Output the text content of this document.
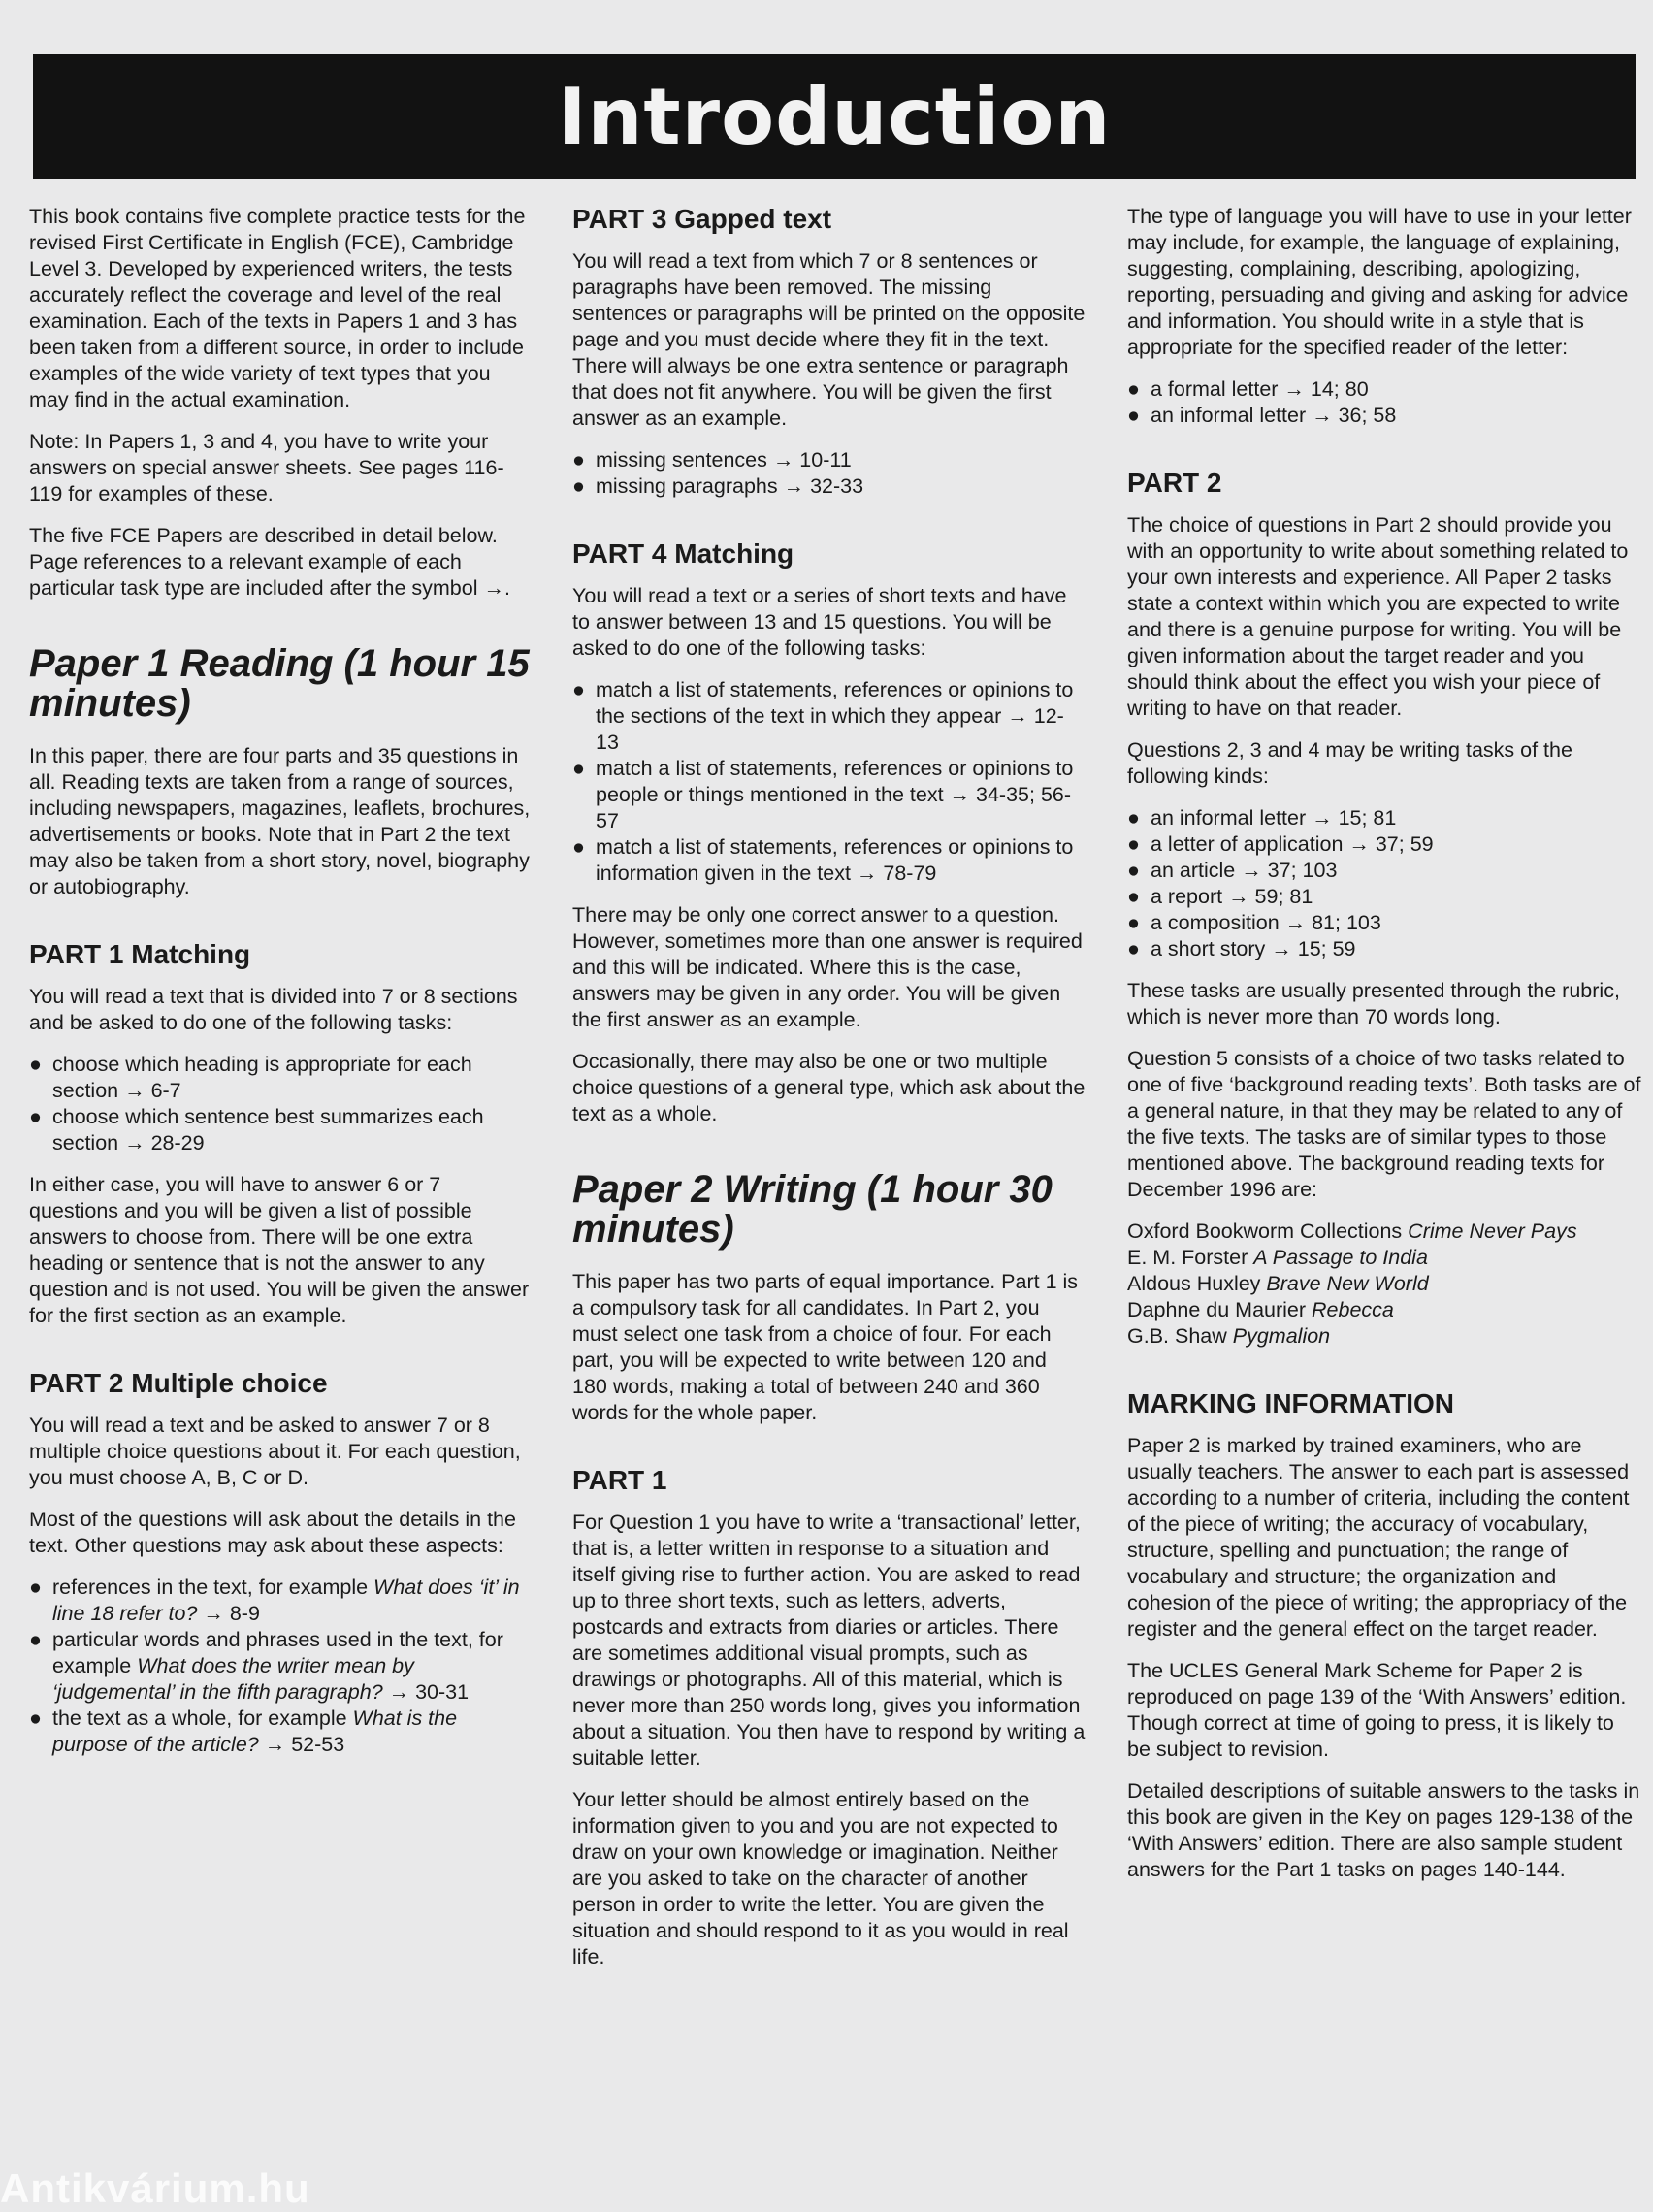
Introduction

This book contains five complete practice tests for the revised First Certificate in English (FCE), Cambridge Level 3. Developed by experienced writers, the tests accurately reflect the coverage and level of the real examination. Each of the texts in Papers 1 and 3 has been taken from a different source, in order to include examples of the wide variety of text types that you may find in the actual examination.

Note: In Papers 1, 3 and 4, you have to write your answers on special answer sheets. See pages 116-119 for examples of these.

The five FCE Papers are described in detail below. Page references to a relevant example of each particular task type are included after the symbol →.

Paper 1 Reading (1 hour 15 minutes)

In this paper, there are four parts and 35 questions in all. Reading texts are taken from a range of sources, including newspapers, magazines, leaflets, brochures, advertisements or books. Note that in Part 2 the text may also be taken from a short story, novel, biography or autobiography.

PART 1 Matching

You will read a text that is divided into 7 or 8 sections and be asked to do one of the following tasks:

● choose which heading is appropriate for each section → 6-7
● choose which sentence best summarizes each section → 28-29

In either case, you will have to answer 6 or 7 questions and you will be given a list of possible answers to choose from. There will be one extra heading or sentence that is not the answer to any question and is not used. You will be given the answer for the first section as an example.

PART 2 Multiple choice

You will read a text and be asked to answer 7 or 8 multiple choice questions about it. For each question, you must choose A, B, C or D.

Most of the questions will ask about the details in the text. Other questions may ask about these aspects:

● references in the text, for example What does ‘it’ in line 18 refer to? → 8-9
● particular words and phrases used in the text, for example What does the writer mean by ‘judgemental’ in the fifth paragraph? → 30-31
● the text as a whole, for example What is the purpose of the article? → 52-53
PART 3 Gapped text

You will read a text from which 7 or 8 sentences or paragraphs have been removed. The missing sentences or paragraphs will be printed on the opposite page and you must decide where they fit in the text. There will always be one extra sentence or paragraph that does not fit anywhere. You will be given the first answer as an example.

● missing sentences → 10-11
● missing paragraphs → 32-33
PART 4 Matching

You will read a text or a series of short texts and have to answer between 13 and 15 questions. You will be asked to do one of the following tasks:

● match a list of statements, references or opinions to the sections of the text in which they appear → 12-13
● match a list of statements, references or opinions to people or things mentioned in the text → 34-35; 56-57
● match a list of statements, references or opinions to information given in the text → 78-79

There may be only one correct answer to a question. However, sometimes more than one answer is required and this will be indicated. Where this is the case, answers may be given in any order. You will be given the first answer as an example.

Occasionally, there may also be one or two multiple choice questions of a general type, which ask about the text as a whole.

Paper 2 Writing (1 hour 30 minutes)

This paper has two parts of equal importance. Part 1 is a compulsory task for all candidates. In Part 2, you must select one task from a choice of four. For each part, you will be expected to write between 120 and 180 words, making a total of between 240 and 360 words for the whole paper.

PART 1

For Question 1 you have to write a ‘transactional’ letter, that is, a letter written in response to a situation and itself giving rise to further action. You are asked to read up to three short texts, such as letters, adverts, postcards and extracts from diaries or articles. There are sometimes additional visual prompts, such as drawings or photographs. All of this material, which is never more than 250 words long, gives you information about a situation. You then have to respond by writing a suitable letter.

Your letter should be almost entirely based on the information given to you and you are not expected to draw on your own knowledge or imagination. Neither are you asked to take on the character of another person in order to write the letter. You are given the situation and should respond to it as you would in real life.

The type of language you will have to use in your letter may include, for example, the language of explaining, suggesting, complaining, describing, apologizing, reporting, persuading and giving and asking for advice and information. You should write in a style that is appropriate for the specified reader of the letter:

● a formal letter → 14; 80
● an informal letter → 36; 58
PART 2

The choice of questions in Part 2 should provide you with an opportunity to write about something related to your own interests and experience. All Paper 2 tasks state a context within which you are expected to write and there is a genuine purpose for writing. You will be given information about the target reader and you should think about the effect you wish your piece of writing to have on that reader.

Questions 2, 3 and 4 may be writing tasks of the following kinds:

● an informal letter → 15; 81
● a letter of application → 37; 59
● an article → 37; 103
● a report → 59; 81
● a composition → 81; 103
● a short story → 15; 59

These tasks are usually presented through the rubric, which is never more than 70 words long.

Question 5 consists of a choice of two tasks related to one of five ‘background reading texts’. Both tasks are of a general nature, in that they may be related to any of the five texts. The tasks are of similar types to those mentioned above. The background reading texts for December 1996 are:

Oxford Bookworm Collections Crime Never Pays

E. M. Forster A Passage to India

Aldous Huxley Brave New World

Daphne du Maurier Rebecca

G.B. Shaw Pygmalion

MARKING INFORMATION

Paper 2 is marked by trained examiners, who are usually teachers. The answer to each part is assessed according to a number of criteria, including the content of the piece of writing; the accuracy of vocabulary, structure, spelling and punctuation; the range of vocabulary and structure; the organization and cohesion of the piece of writing; the appropriacy of the register and the general effect on the target reader.

The UCLES General Mark Scheme for Paper 2 is reproduced on page 139 of the ‘With Answers’ edition. Though correct at time of going to press, it is likely to be subject to revision.

Detailed descriptions of suitable answers to the tasks in this book are given in the Key on pages 129-138 of the ‘With Answers’ edition. There are also sample student answers for the Part 1 tasks on pages 140-144.

Antikvárium.hu
